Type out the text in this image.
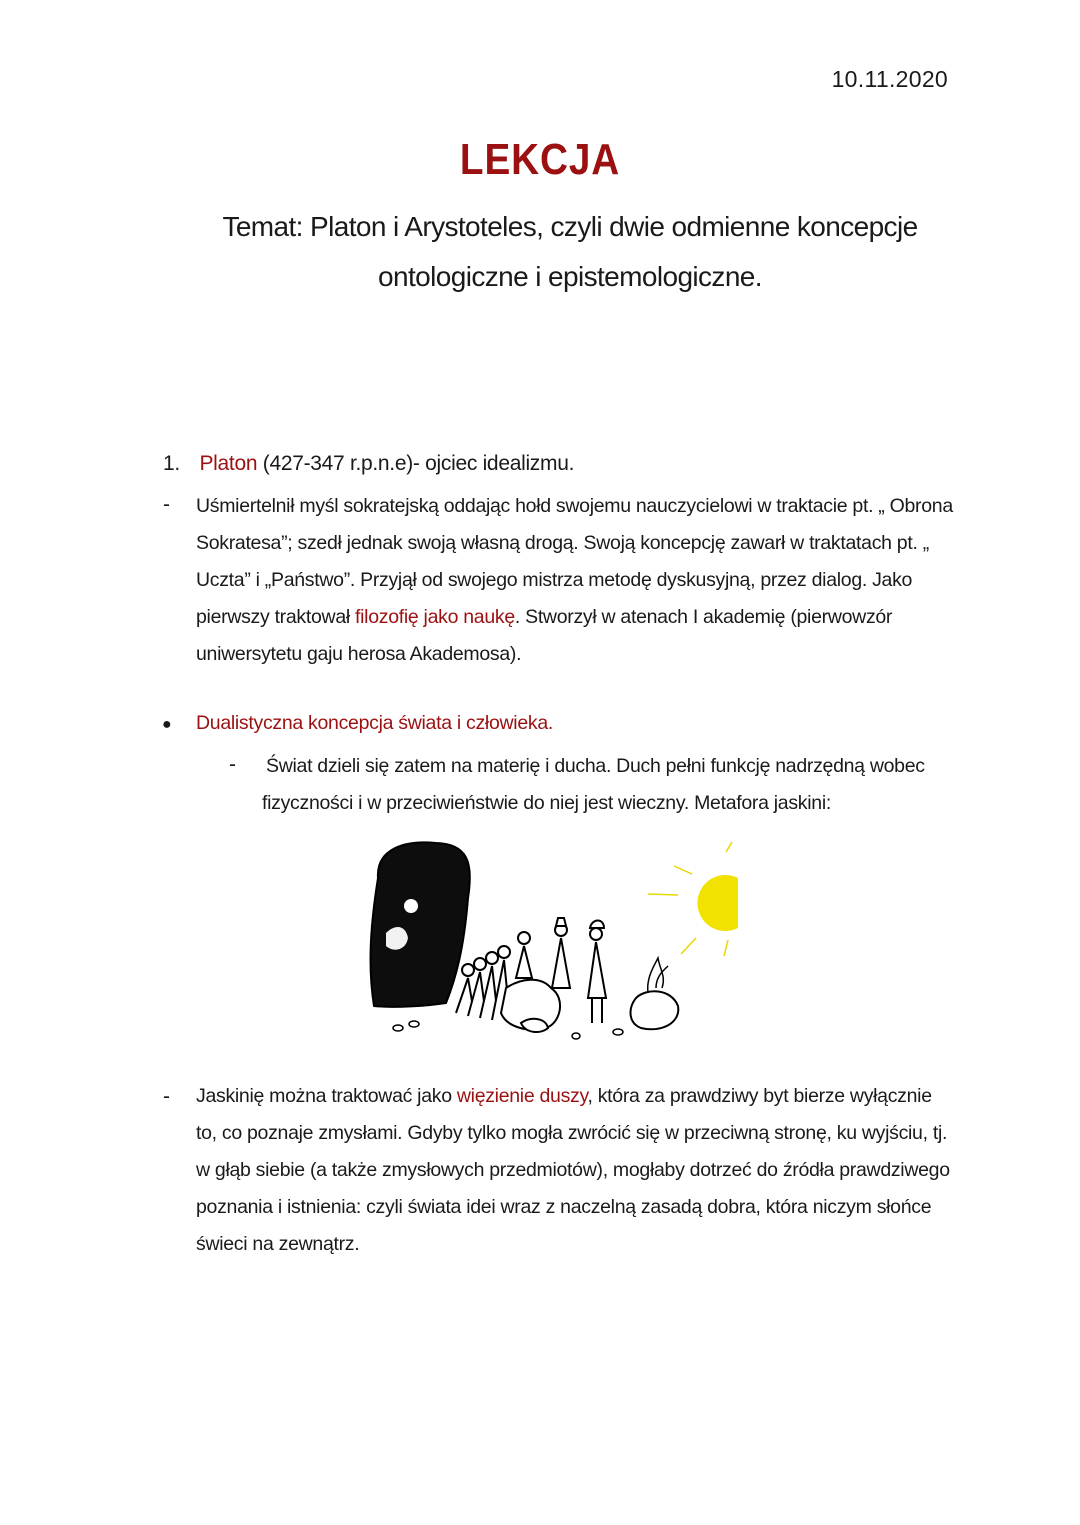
10.11.2020
LEKCJA
Temat: Platon i Arystoteles, czyli dwie odmienne koncepcje ontologiczne i epistemologiczne.
1. Platon (427-347 r.p.n.e)- ojciec idealizmu.
- Uśmiertelnił myśl sokratejską oddając hołd swojemu nauczycielowi w traktacie pt. „ Obrona Sokratesa”; szedł jednak swoją własną drogą. Swoją koncepcję zawarł w traktatach pt. „ Uczta” i „Państwo”. Przyjął od swojego mistrza metodę dyskusyjną, przez dialog. Jako pierwszy traktował filozofię jako naukę. Stworzył w atenach I akademię (pierwowzór uniwersytetu gaju herosa Akademosa).
● Dualistyczna koncepcja świata i człowieka.
- Świat dzieli się zatem na materię i ducha. Duch pełni funkcję nadrzędną wobec fizyczności i w przeciwieństwie do niej jest wieczny. Metafora jaskini:
- Jaskinię można traktować jako więzienie duszy, która za prawdziwy byt bierze wyłącznie to, co poznaje zmysłami. Gdyby tylko mogła zwrócić się w przeciwną stronę, ku wyjściu, tj. w głąb siebie (a także zmysłowych przedmiotów), mogłaby dotrzeć do źródła prawdziwego poznania i istnienia: czyli świata idei wraz z naczelną zasadą dobra, która niczym słońce świeci na zewnątrz.
